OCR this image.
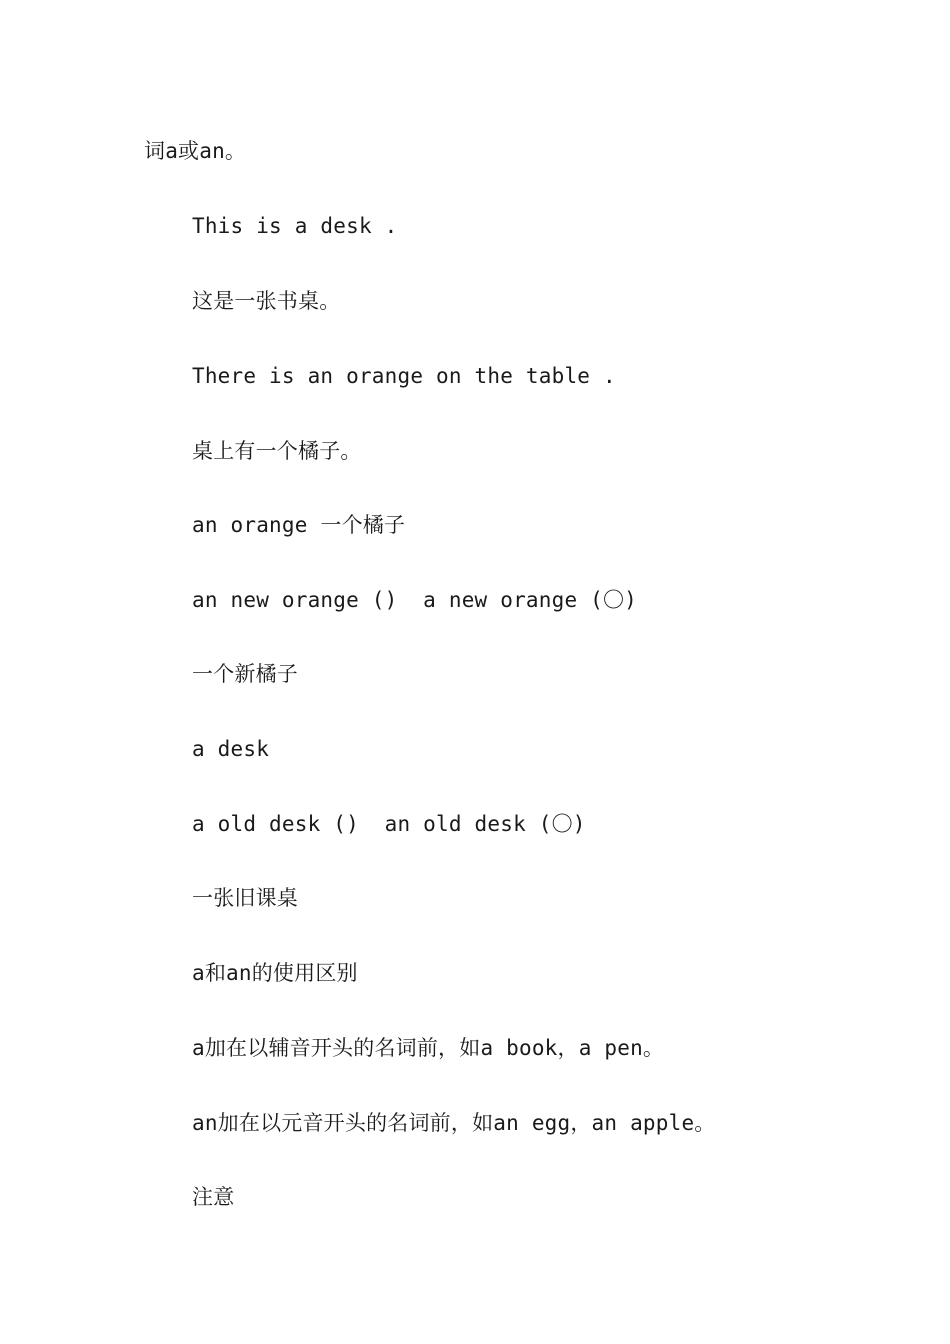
词a或an。
This is a desk .
这是一张书桌。
There is an orange on the table .
桌上有一个橘子。
an orange 一个橘子
an new orange ()  a new orange (〇)
一个新橘子
a desk
a old desk ()  an old desk (〇)
一张旧课桌
a和an的使用区别
a加在以辅音开头的名词前，如a book，a pen。
an加在以元音开头的名词前，如an egg，an apple。
注意
